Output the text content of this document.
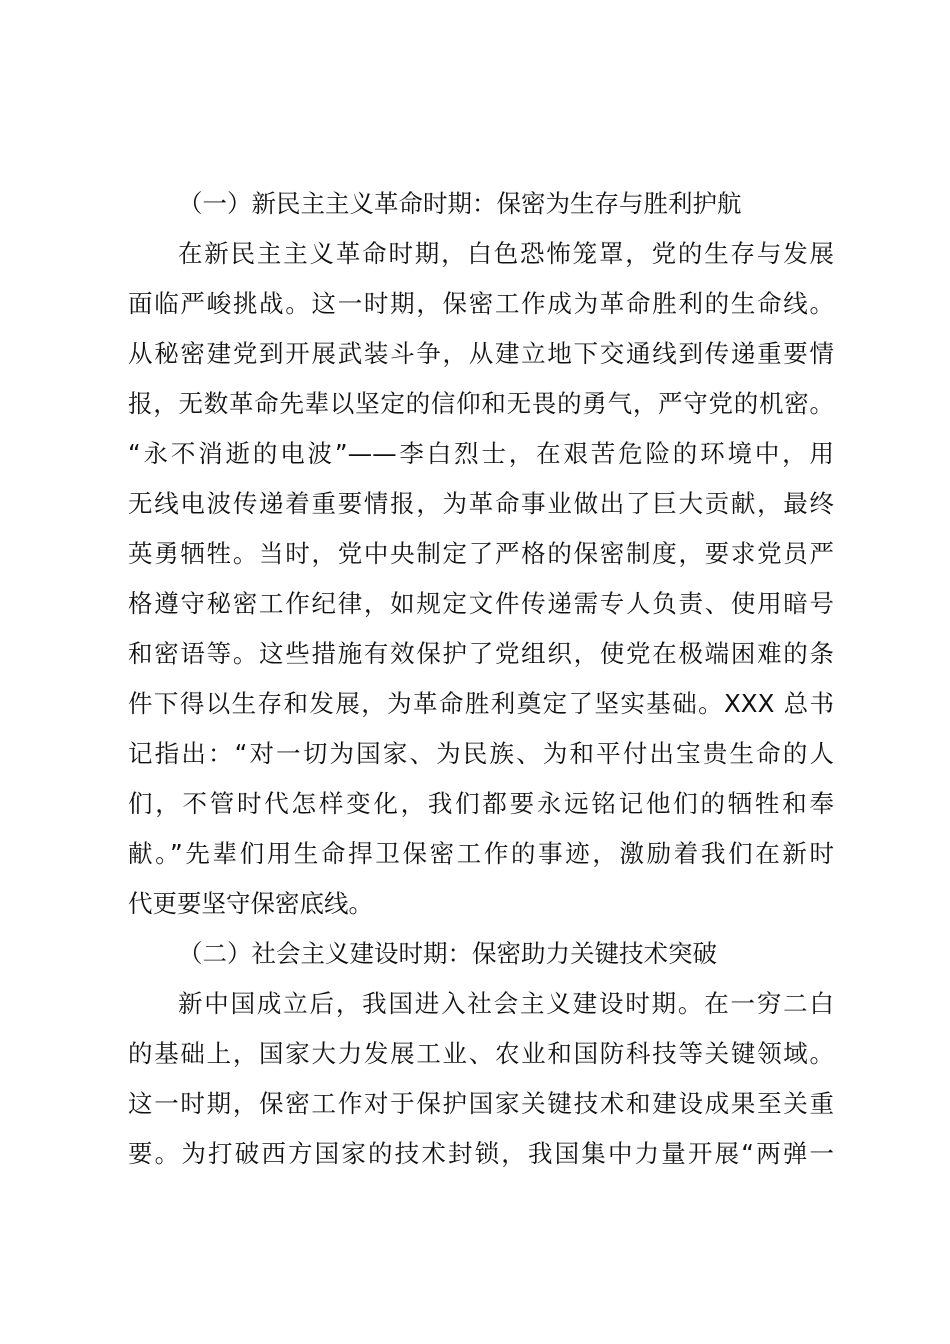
（一）新民主主义革命时期：保密为生存与胜利护航
在新民主主义革命时期，白色恐怖笼罩，党的生存与发展
面临严峻挑战。这一时期，保密工作成为革命胜利的生命线。
从秘密建党到开展武装斗争，从建立地下交通线到传递重要情
报，无数革命先辈以坚定的信仰和无畏的勇气，严守党的机密。
“永不消逝的电波”——李白烈士，在艰苦危险的环境中，用
无线电波传递着重要情报，为革命事业做出了巨大贡献，最终
英勇牺牲。当时，党中央制定了严格的保密制度，要求党员严
格遵守秘密工作纪律，如规定文件传递需专人负责、使用暗号
和密语等。这些措施有效保护了党组织，使党在极端困难的条
件下得以生存和发展，为革命胜利奠定了坚实基础。XXX 总书
记指出：“对一切为国家、为民族、为和平付出宝贵生命的人
们，不管时代怎样变化，我们都要永远铭记他们的牺牲和奉
献。”先辈们用生命捍卫保密工作的事迹，激励着我们在新时
代更要坚守保密底线。
（二）社会主义建设时期：保密助力关键技术突破
新中国成立后，我国进入社会主义建设时期。在一穷二白
的基础上，国家大力发展工业、农业和国防科技等关键领域。
这一时期，保密工作对于保护国家关键技术和建设成果至关重
要。为打破西方国家的技术封锁，我国集中力量开展“两弹一
